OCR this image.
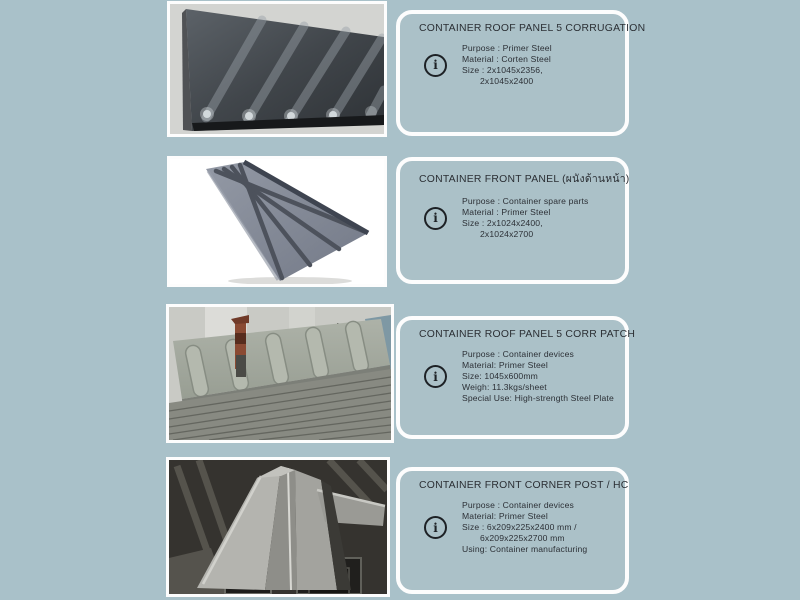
CONTAINER ROOF PANEL 5 CORRUGATION
i
Purpose : Primer Steel
Material : Corten Steel
Size : 2x1045x2356,
2x1045x2400
CONTAINER FRONT PANEL (ผนังด้านหน้า)
i
Purpose : Container spare parts
Material : Primer Steel
Size : 2x1024x2400,
2x1024x2700
CONTAINER ROOF PANEL 5 CORR PATCH
i
Purpose : Container devices
Material: Primer Steel
Size: 1045x600mm
Weigh: 11.3kgs/sheet
Special Use: High-strength Steel Plate
CONTAINER FRONT CORNER POST / HC
i
Purpose : Container devices
Material: Primer Steel
Size : 6x209x225x2400 mm /
6x209x225x2700 mm
Using: Container manufacturing
